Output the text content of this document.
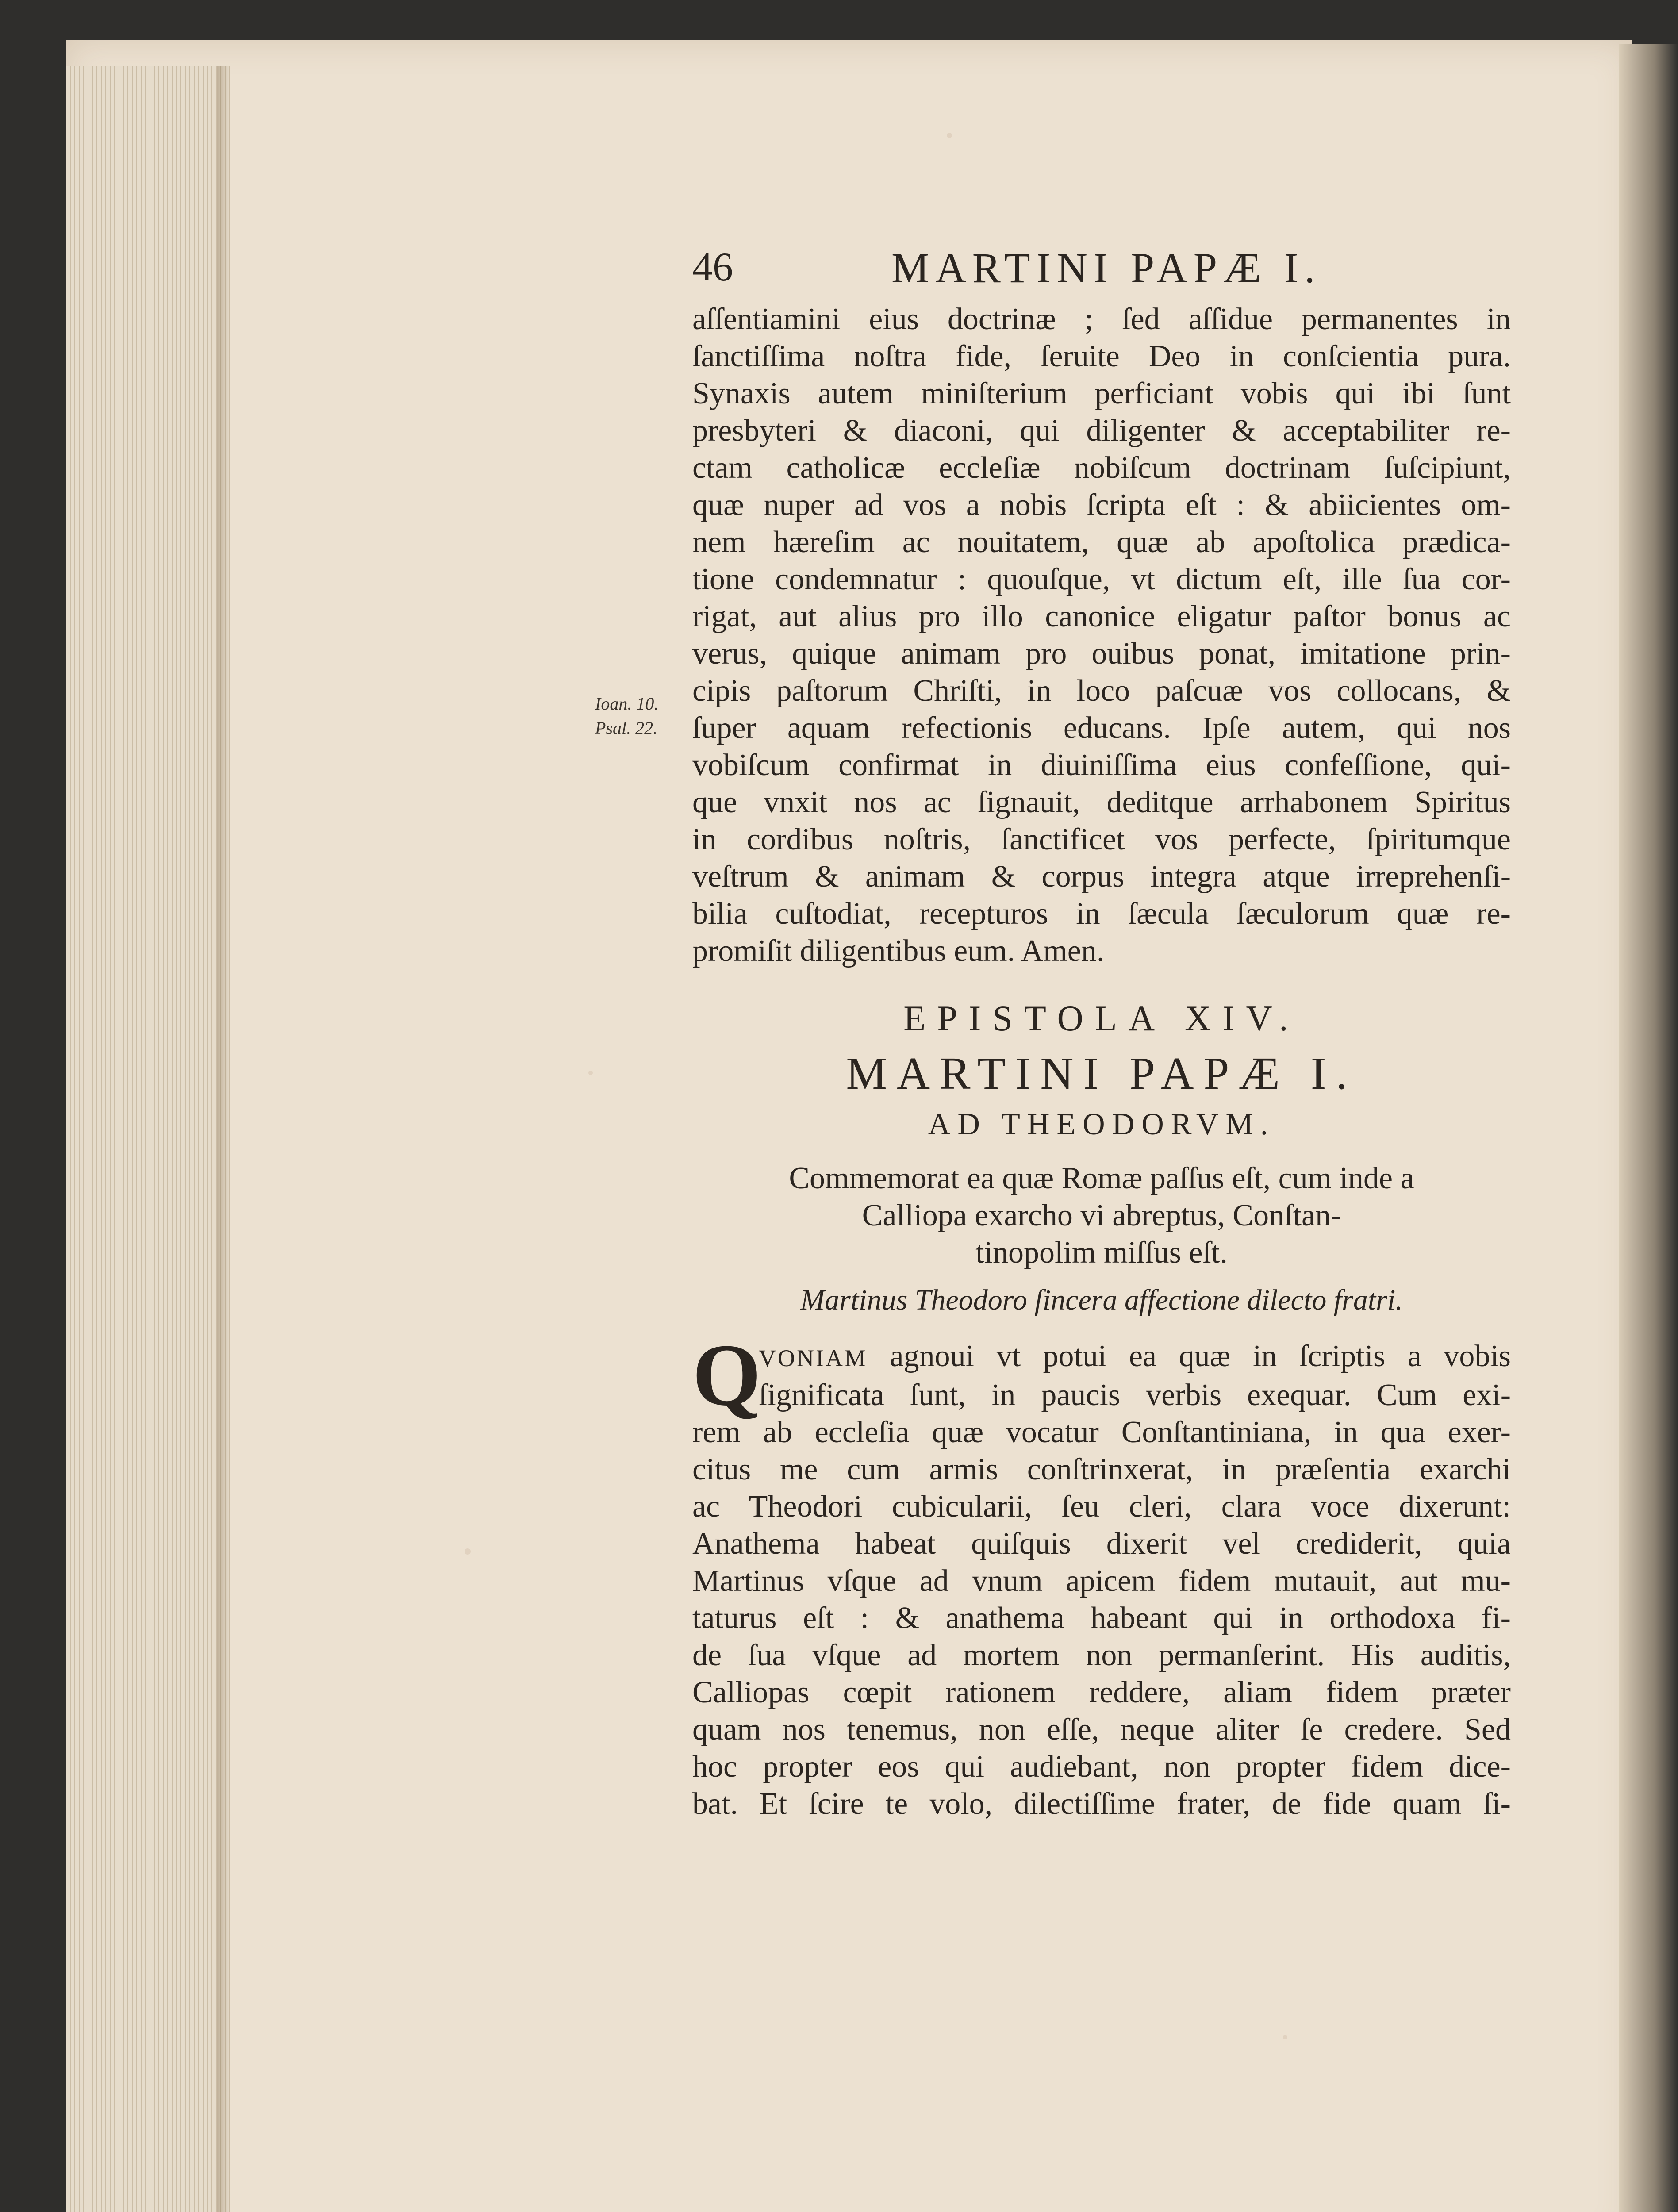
Ioan. 10.
Psal. 22.
46	MARTINI PAPÆ I.
aſſentiamini eius doctrinæ ; ſed aſſidue permanentes in
ſanctiſſima noſtra fide, ſeruite Deo in conſcientia pura.
Synaxis autem miniſterium perficiant vobis qui ibi ſunt
presbyteri & diaconi, qui diligenter & acceptabiliter re-
ctam catholicæ eccleſiæ nobiſcum doctrinam ſuſcipiunt,
quæ nuper ad vos a nobis ſcripta eſt : & abiicientes om-
nem hæreſim ac nouitatem, quæ ab apoſtolica prædica-
tione condemnatur : quouſque, vt dictum eſt, ille ſua cor-
rigat, aut alius pro illo canonice eligatur paſtor bonus ac
verus, quique animam pro ouibus ponat, imitatione prin-
cipis paſtorum Chriſti, in loco paſcuæ vos collocans, &
ſuper aquam refectionis educans. Ipſe autem, qui nos
vobiſcum confirmat in diuiniſſima eius confeſſione, qui-
que vnxit nos ac ſignauit, deditque arrhabonem Spiritus
in cordibus noſtris, ſanctificet vos perfecte, ſpiritumque
veſtrum & animam & corpus integra atque irreprehenſi-
bilia cuſtodiat, recepturos in ſæcula ſæculorum quæ re-
promiſit diligentibus eum. Amen.
EPISTOLA XIV.
MARTINI PAPÆ I.
AD THEODORVM.
Commemorat ea quæ Romæ paſſus eſt, cum inde a
Calliopa exarcho vi abreptus, Conſtan-
tinopolim miſſus eſt.
Martinus Theodoro ſincera affectione dilecto fratri.
Q
VONIAM agnoui vt potui ea quæ in ſcriptis a vobis
ſignificata ſunt, in paucis verbis exequar. Cum exi-
rem ab eccleſia quæ vocatur Conſtantiniana, in qua exer-
citus me cum armis conſtrinxerat, in præſentia exarchi
ac Theodori cubicularii, ſeu cleri, clara voce dixerunt:
Anathema habeat quiſquis dixerit vel crediderit, quia
Martinus vſque ad vnum apicem fidem mutauit, aut mu-
taturus eſt : & anathema habeant qui in orthodoxa fi-
de ſua vſque ad mortem non permanſerint. His auditis,
Calliopas cœpit rationem reddere, aliam fidem præter
quam nos tenemus, non eſſe, neque aliter ſe credere. Sed
hoc propter eos qui audiebant, non propter fidem dice-
bat. Et ſcire te volo, dilectiſſime frater, de fide quam ſi-
